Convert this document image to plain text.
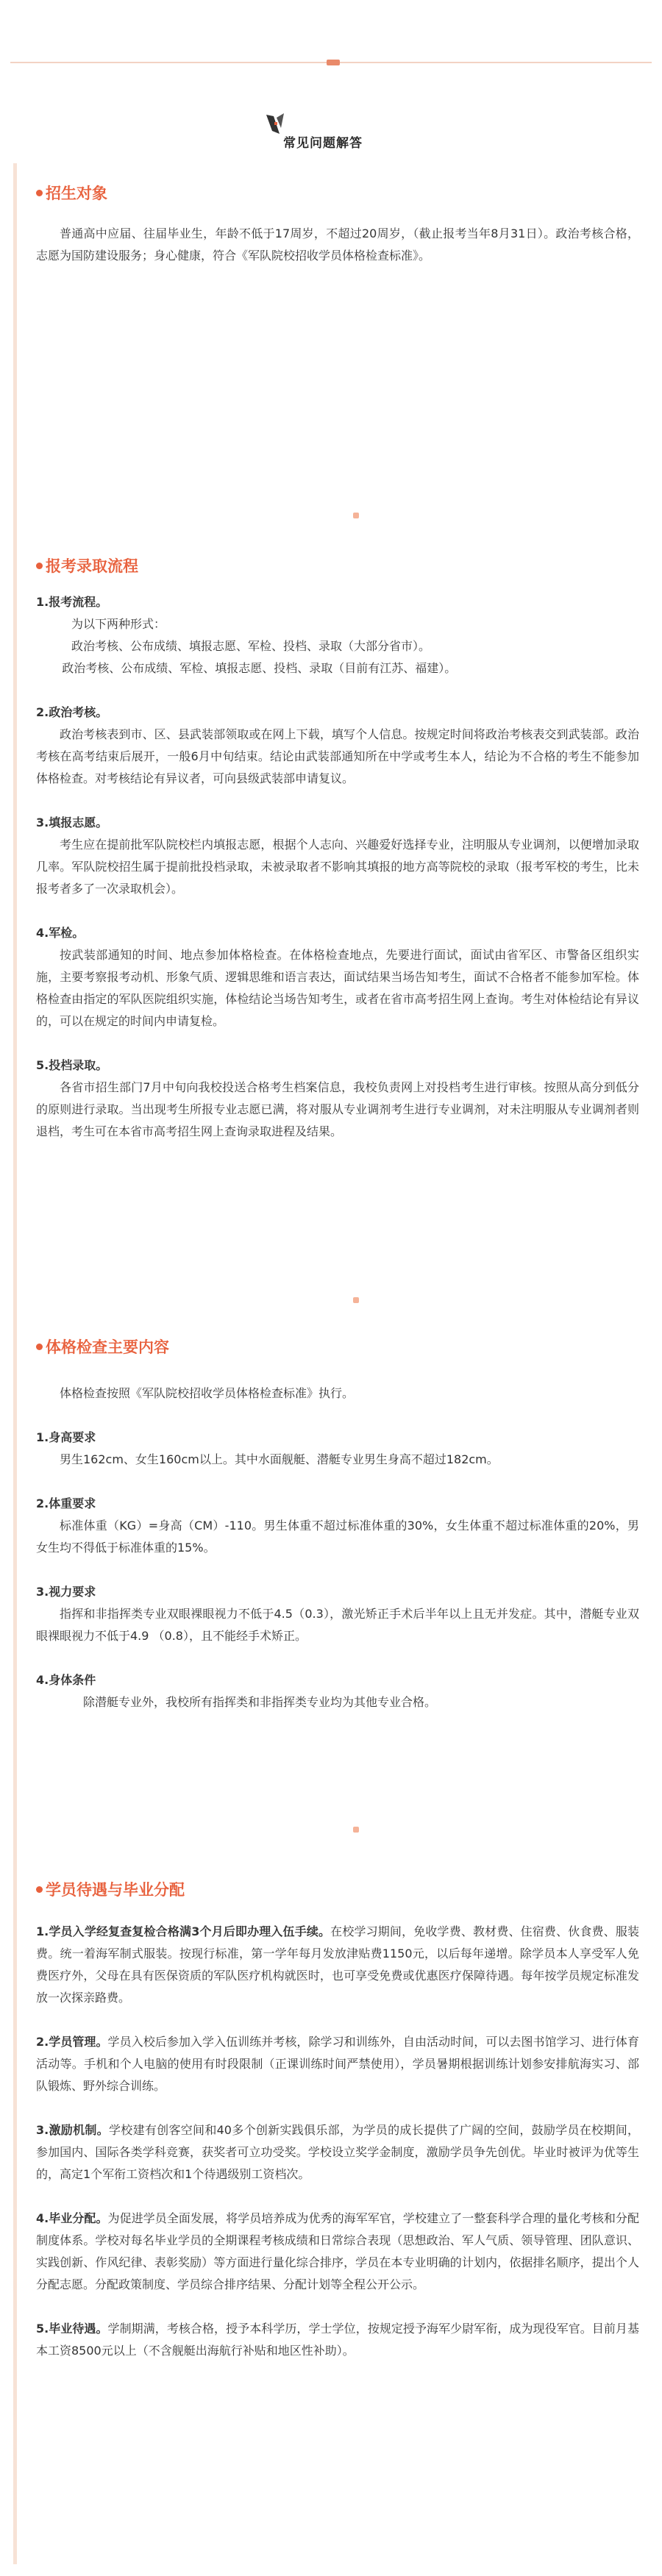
常见问题解答
招生对象

普通高中应届、往届毕业生，年龄不低于17周岁，不超过20周岁，（截止报考当年8月31日）。政治考核合格，志愿为国防建设服务；身心健康，符合《军队院校招收学员体格检查标准》。

报考录取流程

1.报考流程。

为以下两种形式：

政治考核、公布成绩、填报志愿、军检、投档、录取（大部分省市）。

政治考核、公布成绩、军检、填报志愿、投档、录取（目前有江苏、福建）。

2.政治考核。

政治考核表到市、区、县武装部领取或在网上下载，填写个人信息。按规定时间将政治考核表交到武装部。政治考核在高考结束后展开，一般6月中旬结束。结论由武装部通知所在中学或考生本人，结论为不合格的考生不能参加体格检查。对考核结论有异议者，可向县级武装部申请复议。

3.填报志愿。

考生应在提前批军队院校栏内填报志愿，根据个人志向、兴趣爱好选择专业，注明服从专业调剂，以便增加录取几率。军队院校招生属于提前批投档录取，未被录取者不影响其填报的地方高等院校的录取（报考军校的考生，比未报考者多了一次录取机会）。

4.军检。

按武装部通知的时间、地点参加体格检查。在体格检查地点，先要进行面试，面试由省军区、市警备区组织实施，主要考察报考动机、形象气质、逻辑思维和语言表达，面试结果当场告知考生，面试不合格者不能参加军检。体格检查由指定的军队医院组织实施，体检结论当场告知考生，或者在省市高考招生网上查询。考生对体检结论有异议的，可以在规定的时间内申请复检。

5.投档录取。

各省市招生部门7月中旬向我校投送合格考生档案信息，我校负责网上对投档考生进行审核。按照从高分到低分的原则进行录取。当出现考生所报专业志愿已满，将对服从专业调剂考生进行专业调剂，对未注明服从专业调剂者则退档，考生可在本省市高考招生网上查询录取进程及结果。

体格检查主要内容

体格检查按照《军队院校招收学员体格检查标准》执行。

1.身高要求

男生162cm、女生160cm以上。其中水面舰艇、潜艇专业男生身高不超过182cm。

2.体重要求

标准体重（KG）=身高（CM）-110。男生体重不超过标准体重的30%，女生体重不超过标准体重的20%，男女生均不得低于标准体重的15%。

3.视力要求

指挥和非指挥类专业双眼裸眼视力不低于4.5（0.3），激光矫正手术后半年以上且无并发症。其中，潜艇专业双眼裸眼视力不低于4.9 （0.8），且不能经手术矫正。

4.身体条件

除潜艇专业外，我校所有指挥类和非指挥类专业均为其他专业合格。

学员待遇与毕业分配

1.学员入学经复查复检合格满3个月后即办理入伍手续。在校学习期间，免收学费、教材费、住宿费、伙食费、服装费。统一着海军制式服装。按现行标准，第一学年每月发放津贴费1150元，以后每年递增。除学员本人享受军人免费医疗外，父母在具有医保资质的军队医疗机构就医时，也可享受免费或优惠医疗保障待遇。每年按学员规定标准发放一次探亲路费。

2.学员管理。学员入校后参加入学入伍训练并考核，除学习和训练外，自由活动时间，可以去图书馆学习、进行体育活动等。手机和个人电脑的使用有时段限制（正课训练时间严禁使用），学员暑期根据训练计划参安排航海实习、部队锻炼、野外综合训练。

3.激励机制。学校建有创客空间和40多个创新实践俱乐部，为学员的成长提供了广阔的空间，鼓励学员在校期间，参加国内、国际各类学科竞赛，获奖者可立功受奖。学校设立奖学金制度，激励学员争先创优。毕业时被评为优等生的，高定1个军衔工资档次和1个待遇级别工资档次。

4.毕业分配。为促进学员全面发展，将学员培养成为优秀的海军军官，学校建立了一整套科学合理的量化考核和分配制度体系。学校对每名毕业学员的全期课程考核成绩和日常综合表现（思想政治、军人气质、领导管理、团队意识、实践创新、作风纪律、表彰奖励）等方面进行量化综合排序，学员在本专业明确的计划内，依据排名顺序，提出个人分配志愿。分配政策制度、学员综合排序结果、分配计划等全程公开公示。

5.毕业待遇。学制期满，考核合格，授予本科学历，学士学位，按规定授予海军少尉军衔，成为现役军官。目前月基本工资8500元以上（不含舰艇出海航行补贴和地区性补助）。
